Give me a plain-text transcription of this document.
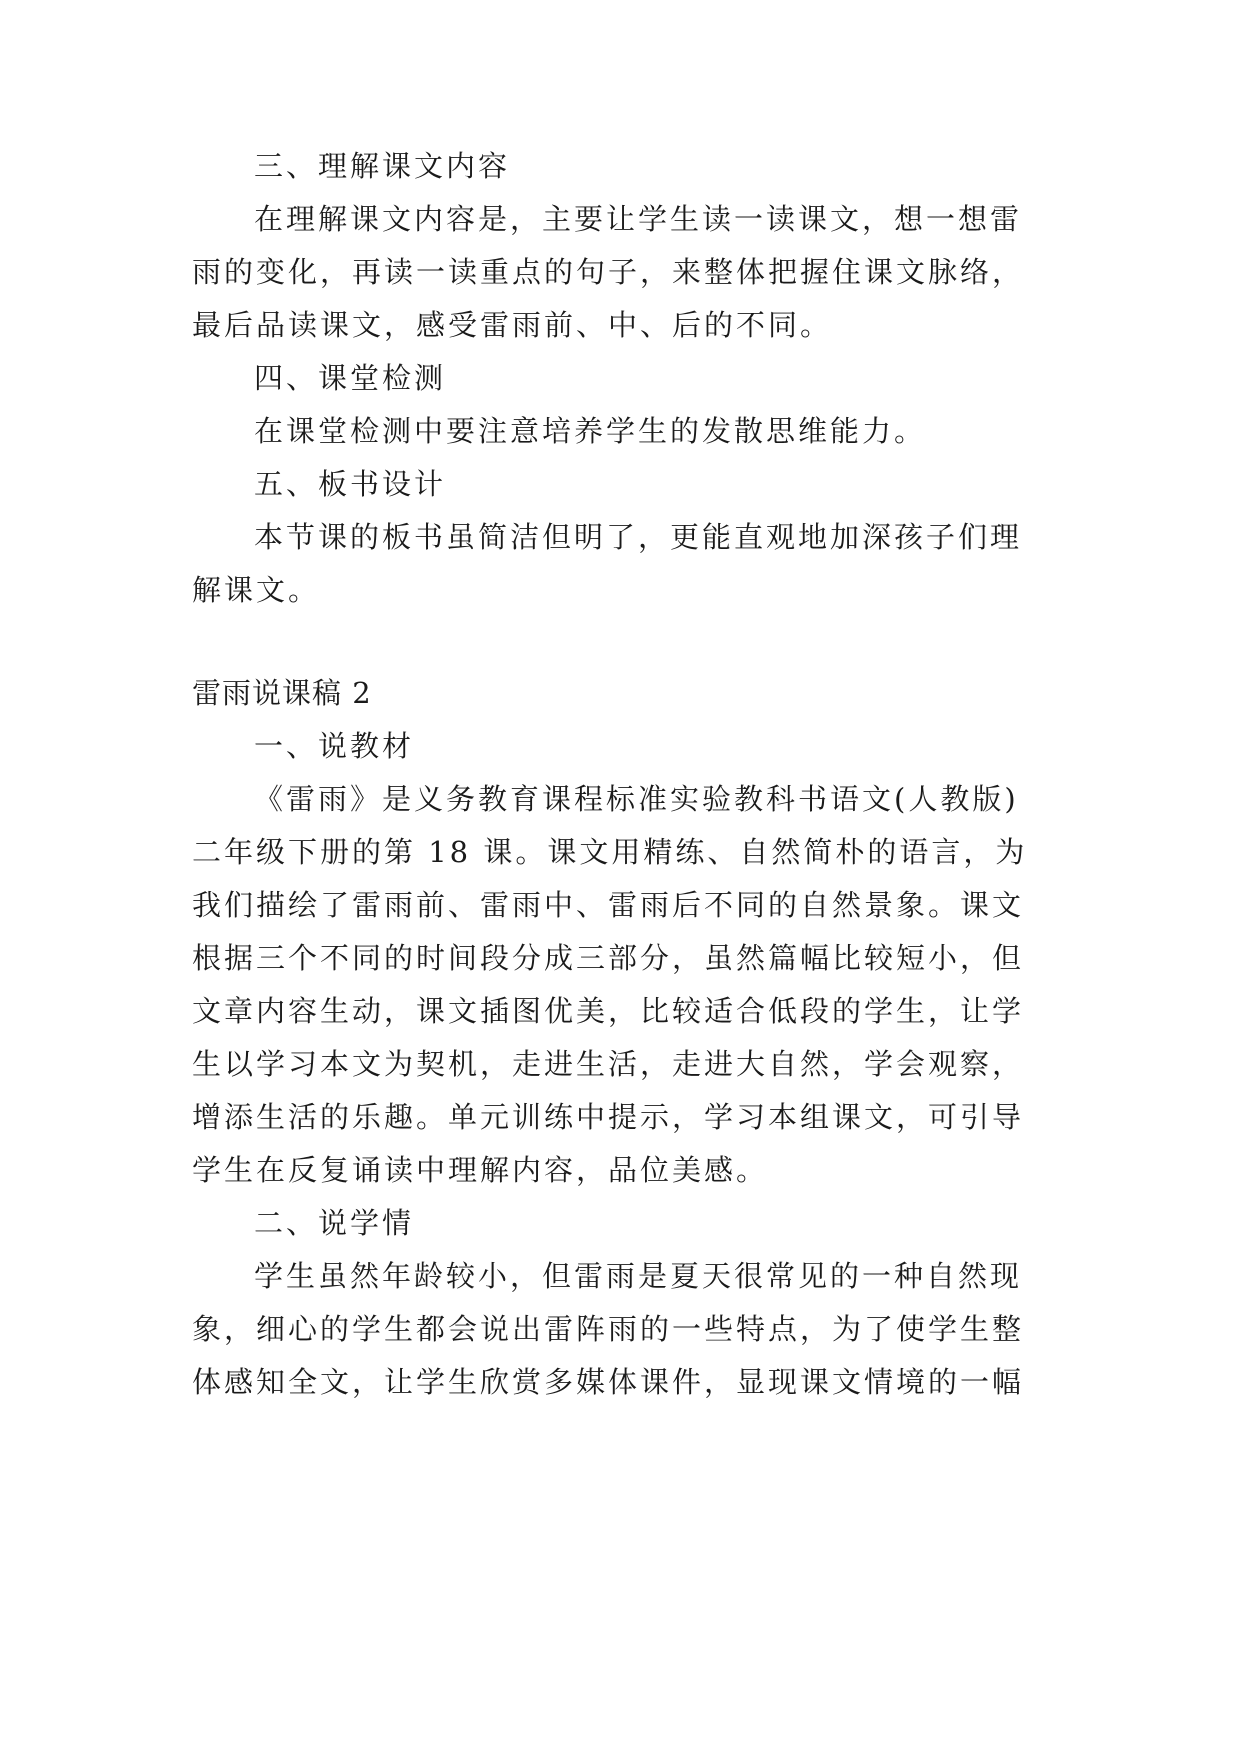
三、理解课文内容
在理解课文内容是，主要让学生读一读课文，想一想雷
雨的变化，再读一读重点的句子，来整体把握住课文脉络，
最后品读课文，感受雷雨前、中、后的不同。
四、课堂检测
在课堂检测中要注意培养学生的发散思维能力。
五、板书设计
本节课的板书虽简洁但明了，更能直观地加深孩子们理
解课文。
雷雨说课稿 2
一、说教材
《雷雨》是义务教育课程标准实验教科书语文(人教版)
二年级下册的第 18 课。课文用精练、自然简朴的语言，为
我们描绘了雷雨前、雷雨中、雷雨后不同的自然景象。课文
根据三个不同的时间段分成三部分，虽然篇幅比较短小，但
文章内容生动，课文插图优美，比较适合低段的学生，让学
生以学习本文为契机，走进生活，走进大自然，学会观察，
增添生活的乐趣。单元训练中提示，学习本组课文，可引导
学生在反复诵读中理解内容，品位美感。
二、说学情
学生虽然年龄较小，但雷雨是夏天很常见的一种自然现
象，细心的学生都会说出雷阵雨的一些特点，为了使学生整
体感知全文，让学生欣赏多媒体课件，显现课文情境的一幅
